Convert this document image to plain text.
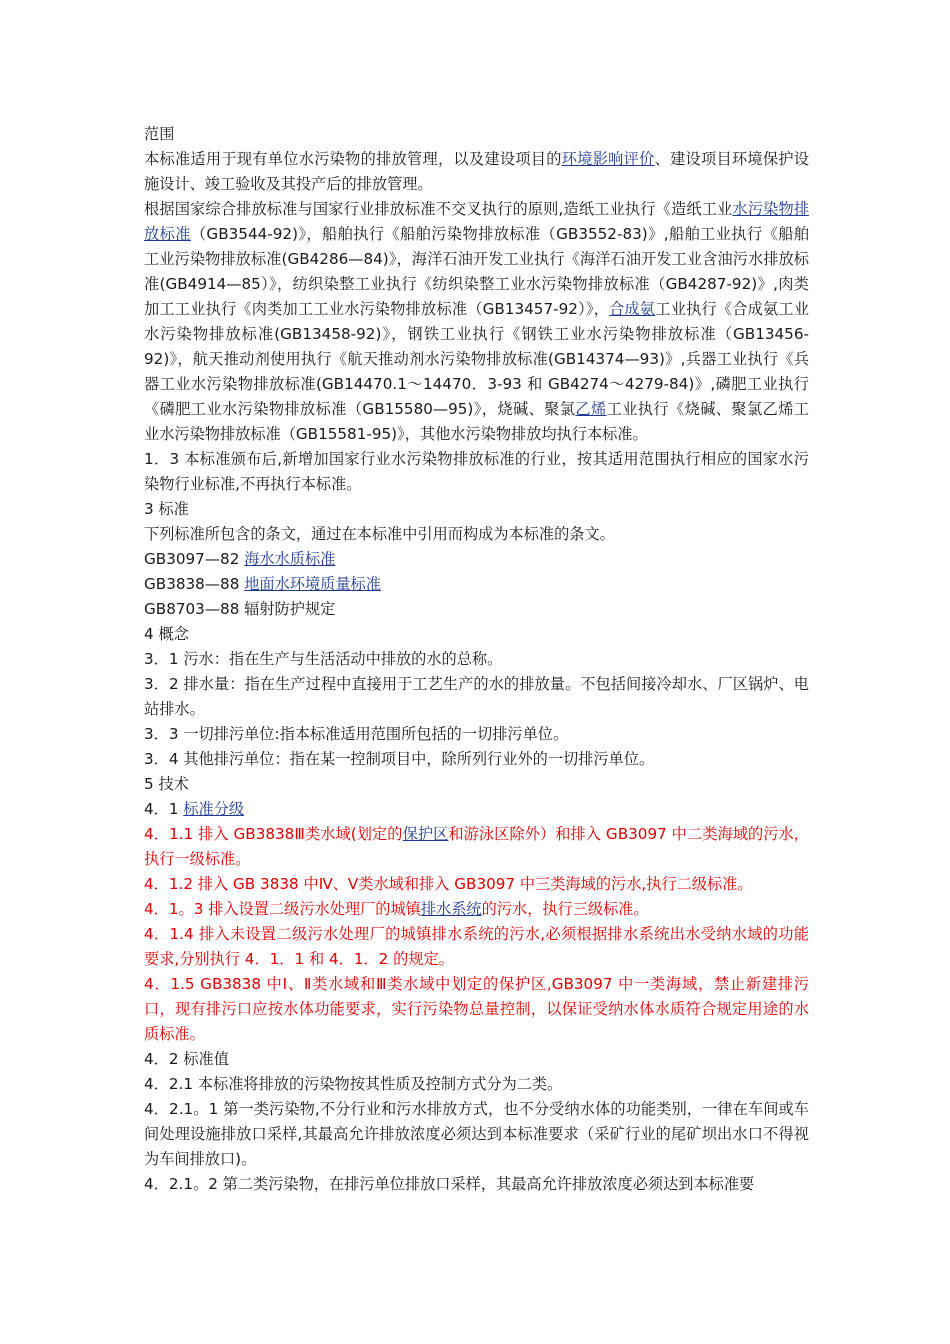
范围

本标准适用于现有单位水污染物的排放管理，以及建设项目的环境影响评价、建设项目环境保护设施设计、竣工验收及其投产后的排放管理。

根据国家综合排放标准与国家行业排放标准不交叉执行的原则,造纸工业执行《造纸工业水污染物排放标准（GB3544-92)》，船舶执行《船舶污染物排放标准（GB3552-83)》,船舶工业执行《船舶工业污染物排放标准(GB4286—84)》，海洋石油开发工业执行《海洋石油开发工业含油污水排放标准(GB4914—85）》，纺织染整工业执行《纺织染整工业水污染物排放标准（GB4287-92)》,肉类加工工业执行《肉类加工工业水污染物排放标准（GB13457-92）》，合成氨工业执行《合成氨工业水污染物排放标准(GB13458-92)》，钢铁工业执行《钢铁工业水污染物排放标准（GB13456-92)》，航天推动剂使用执行《航天推动剂水污染物排放标准(GB14374—93)》,兵器工业执行《兵器工业水污染物排放标准(GB14470.1～14470．3-93 和 GB4274～4279-84)》,磷肥工业执行《磷肥工业水污染物排放标准（GB15580—95)》，烧碱、聚氯乙烯工业执行《烧碱、聚氯乙烯工业水污染物排放标准（GB15581-95)》，其他水污染物排放均执行本标准。

1．3 本标准颁布后,新增加国家行业水污染物排放标准的行业，按其适用范围执行相应的国家水污染物行业标准,不再执行本标准。

3 标准

下列标准所包含的条文，通过在本标准中引用而构成为本标准的条文。

GB3097—82 海水水质标准

GB3838—88 地面水环境质量标准

GB8703—88 辐射防护规定

4 概念

3．1 污水：指在生产与生活活动中排放的水的总称。

3．2 排水量：指在生产过程中直接用于工艺生产的水的排放量。不包括间接冷却水、厂区锅炉、电站排水。

3．3 一切排污单位:指本标准适用范围所包括的一切排污单位。

3．4 其他排污单位：指在某一控制项目中，除所列行业外的一切排污单位。

5 技术

4．1 标准分级

4．1.1 排入 GB3838Ⅲ类水域(划定的保护区和游泳区除外）和排入 GB3097 中二类海域的污水，执行一级标准。

4．1.2 排入 GB 3838 中Ⅳ、Ⅴ类水域和排入 GB3097 中三类海域的污水,执行二级标准。

4．1。3 排入设置二级污水处理厂的城镇排水系统的污水，执行三级标准。

4．1.4 排入未设置二级污水处理厂的城镇排水系统的污水,必须根据排水系统出水受纳水域的功能要求,分别执行 4．1．1 和 4．1．2 的规定。

4．1.5 GB3838 中Ⅰ、Ⅱ类水域和Ⅲ类水域中划定的保护区,GB3097 中一类海域，禁止新建排污口，现有排污口应按水体功能要求，实行污染物总量控制，以保证受纳水体水质符合规定用途的水质标准。

4．2 标准值

4．2.1 本标准将排放的污染物按其性质及控制方式分为二类。

4．2.1。1 第一类污染物,不分行业和污水排放方式，也不分受纳水体的功能类别，一律在车间或车间处理设施排放口采样,其最高允许排放浓度必须达到本标准要求（采矿行业的尾矿坝出水口不得视为车间排放口)。

4．2.1。2 第二类污染物，在排污单位排放口采样，其最高允许排放浓度必须达到本标准要
